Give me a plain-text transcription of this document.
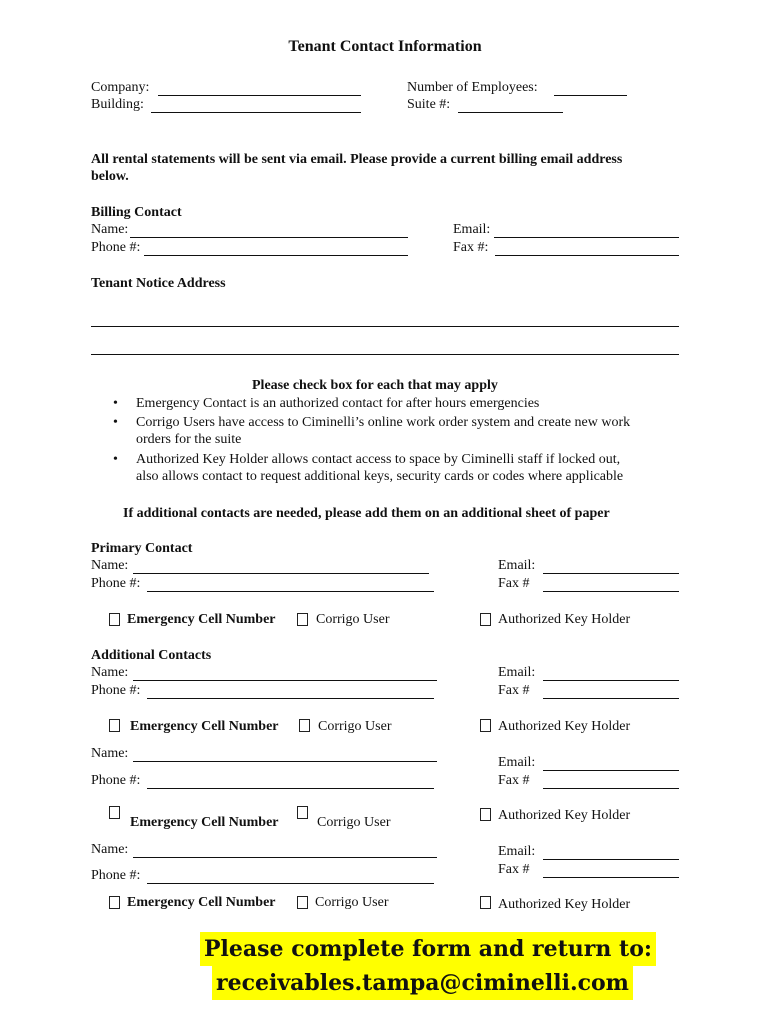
Tenant Contact Information
Company:
Building:
Number of Employees:
Suite #:
All rental statements will be sent via email. Please provide a current billing email address
below.
Billing Contact
Name:
Phone #:
Email:
Fax #:
Tenant Notice Address
Please check box for each that may apply
• Emergency Contact is an authorized contact for after hours emergencies
• Corrigo Users have access to Ciminelli’s online work order system and create new work
orders for the suite
• Authorized Key Holder allows contact access to space by Ciminelli staff if locked out,
also allows contact to request additional keys, security cards or codes where applicable
If additional contacts are needed, please add them on an additional sheet of paper
Primary Contact
Name:
Phone #:
Email:
Fax #
Emergency Cell Number	Corrigo User	Authorized Key Holder
Additional Contacts
Name:
Phone #:
Email:
Fax #
Emergency Cell Number	Corrigo User	Authorized Key Holder
Name:
Phone #:
Email:
Fax #
Emergency Cell Number	Corrigo User	Authorized Key Holder
Name:
Phone #:
Email:
Fax #
Emergency Cell Number	Corrigo User	Authorized Key Holder
Please complete form and return to:
receivables.tampa@ciminelli.com
